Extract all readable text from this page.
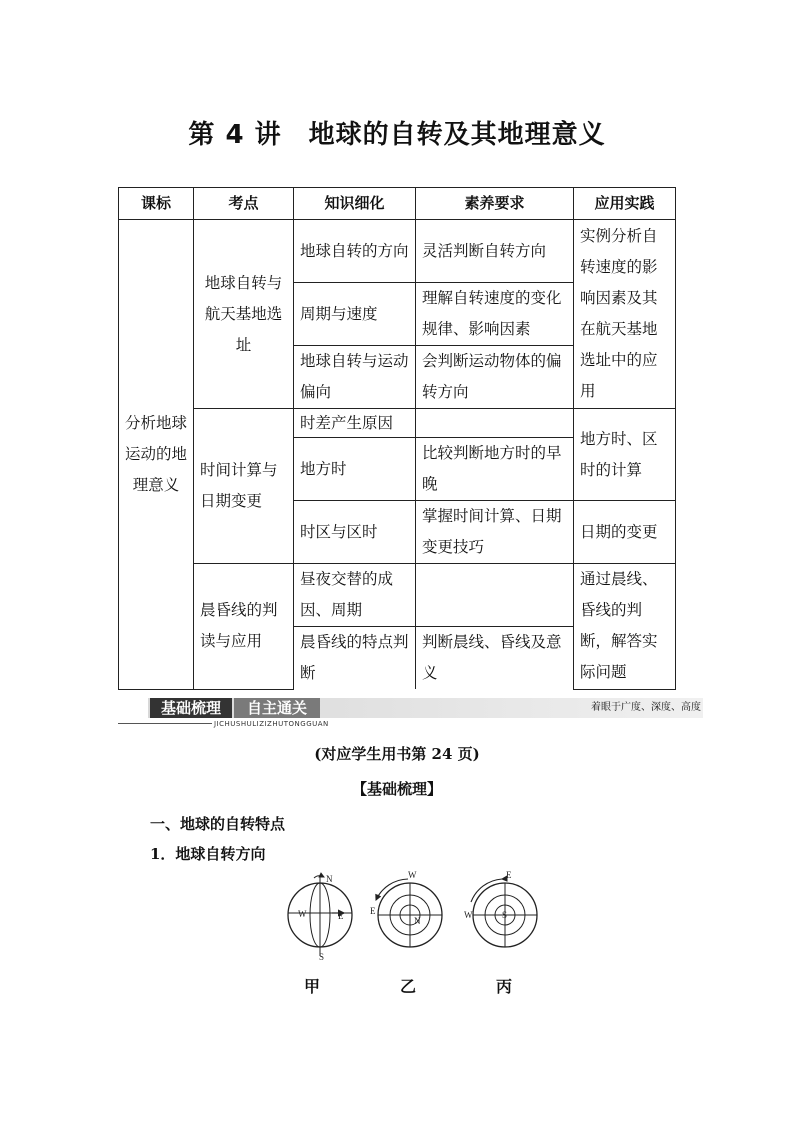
第 4 讲　地球的自转及其地理意义
课标	考点	知识细化	素养要求	应用实践
分析地球运动的地理意义	地球自转与航天基地选址	地球自转的方向	灵活判断自转方向	实例分析自转速度的影响因素及其在航天基地选址中的应用
		周期与速度	理解自转速度的变化规律、影响因素	
		地球自转与运动偏向	会判断运动物体的偏转方向	
	时间计算与日期变更	时差产生原因		地方时、区时的计算
		地方时	比较判断地方时的早晚	
		时区与区时	掌握时间计算、日期变更技巧	日期的变更
	晨昏线的判读与应用	昼夜交替的成因、周期		通过晨线、昏线的判断，解答实际问题
		晨昏线的特点判断	判断晨线、昏线及意义	
基础梳理	自主通关	着眼于广度、深度、高度
JICHUSHULIZIZHUTONGGUAN
(对应学生用书第 24 页)
【基础梳理】
一、地球的自转特点
1．地球自转方向
N
S
W	E
W
E
N
E
W	S
甲	乙	丙
